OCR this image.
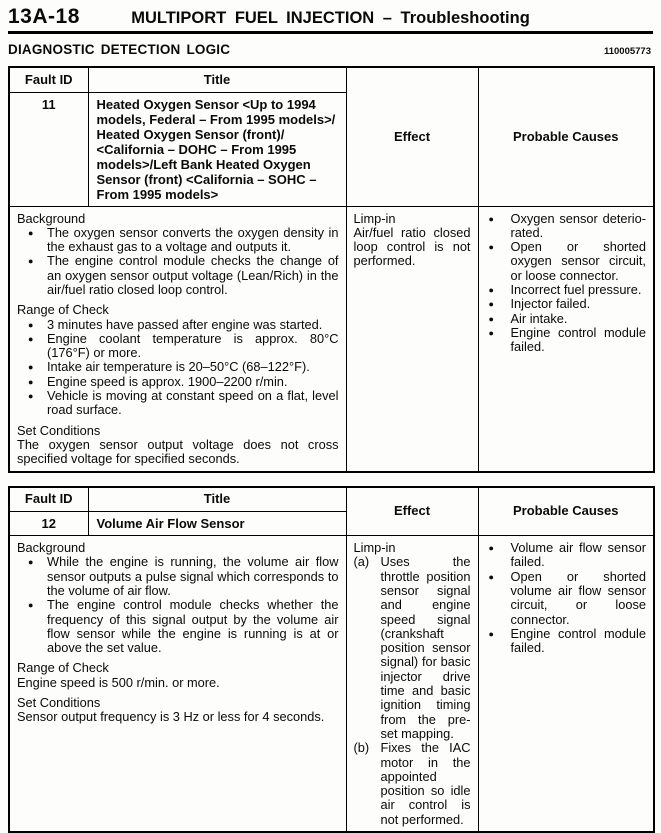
13A-18	MULTIPORT FUEL INJECTION – Troubleshooting
DIAGNOSTIC DETECTION LOGIC	110005773
Fault ID	Title	Effect	Probable Causes
11	Heated Oxygen Sensor <Up to 1994 models, Federal – From 1995 models>/ Heated Oxygen Sensor (front)/ <California – DOHC – From 1995 models>/Left Bank Heated Oxygen Sensor (front) <California – SOHC – From 1995 models>		

Background
●	The oxygen sensor converts the oxygen density in the exhaust gas to a voltage and outputs it.
●	The engine control module checks the change of an oxygen sensor output voltage (Lean/Rich) in the air/fuel ratio closed loop control.
Range of Check
●	3 minutes have passed after engine was started.
●	Engine coolant temperature is approx. 80°C (176°F) or more.
●	Intake air temperature is 20–50°C (68–122°F).
●	Engine speed is approx. 1900–2200 r/min.
●	Vehicle is moving at constant speed on a flat, level road surface.
Set Conditions
The oxygen sensor output voltage does not cross specified voltage for specified seconds.

Limp-in
Air/fuel ratio closed loop control is not performed.

●	Oxygen sensor deteriorated.
●	Open or shorted oxygen sensor circuit, or loose connector.
●	Incorrect fuel pressure.
●	Injector failed.
●	Air intake.
●	Engine control module failed.
Fault ID	Title	Effect	Probable Causes
12	Volume Air Flow Sensor		

Background
●	While the engine is running, the volume air flow sensor outputs a pulse signal which corresponds to the volume of air flow.
●	The engine control module checks whether the frequency of this signal output by the volume air flow sensor while the engine is running is at or above the set value.
Range of Check
Engine speed is 500 r/min. or more.
Set Conditions
Sensor output frequency is 3 Hz or less for 4 seconds.

Limp-in
(a) Uses the throttle position sensor signal and engine speed signal (crankshaft position sensor signal) for basic injector drive time and basic ignition timing from the pre-set mapping.
(b) Fixes the IAC motor in the appointed position so idle air control is not performed.

●	Volume air flow sensor failed.
●	Open or shorted volume air flow sensor circuit, or loose connector.
●	Engine control module failed.
